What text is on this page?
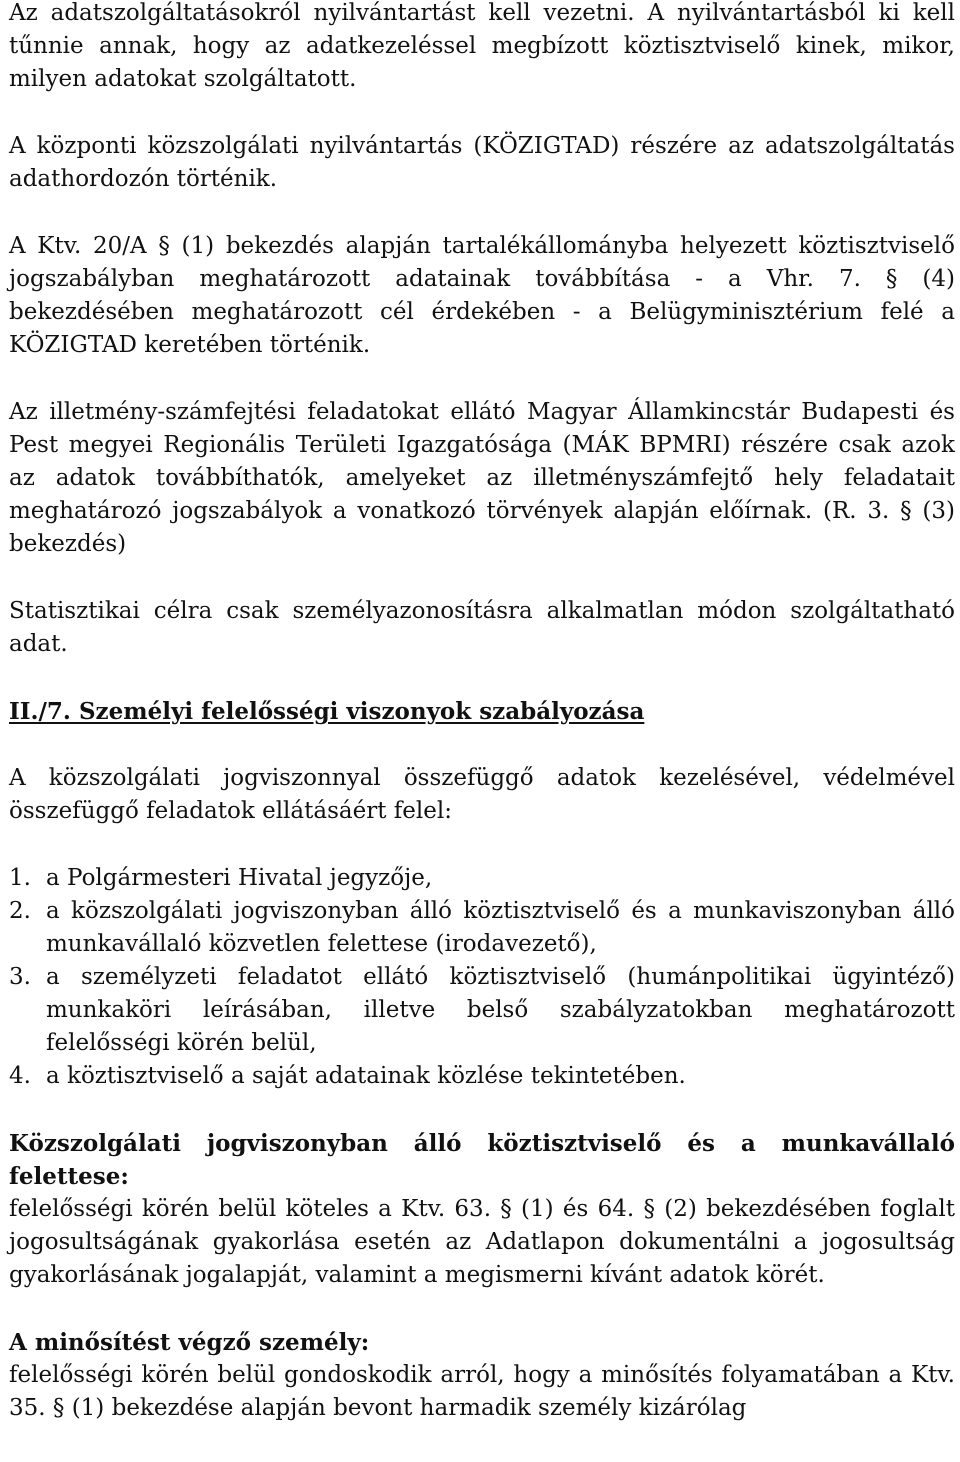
Az adatszolgáltatásokról nyilvántartást kell vezetni. A nyilvántartásból ki kell tűnnie annak, hogy az adatkezeléssel megbízott köztisztviselő kinek, mikor, milyen adatokat szolgáltatott.

A központi közszolgálati nyilvántartás (KÖZIGTAD) részére az adatszolgáltatás adathordozón történik.

A Ktv. 20/A § (1) bekezdés alapján tartalékállományba helyezett köztisztviselő jogszabályban meghatározott adatainak továbbítása - a Vhr. 7. § (4) bekezdésében meghatározott cél érdekében - a Belügyminisztérium felé a KÖZIGTAD keretében történik.

Az illetmény-számfejtési feladatokat ellátó Magyar Államkincstár Budapesti és Pest megyei Regionális Területi Igazgatósága (MÁK BPMRI) részére csak azok az adatok továbbíthatók, amelyeket az illetményszámfejtő hely feladatait meghatározó jogszabályok a vonatkozó törvények alapján előírnak. (R. 3. § (3) bekezdés)

Statisztikai célra csak személyazonosításra alkalmatlan módon szolgáltatható adat.

II./7. Személyi felelősségi viszonyok szabályozása

A közszolgálati jogviszonnyal összefüggő adatok kezelésével, védelmével összefüggő feladatok ellátásáért felel:

1. a Polgármesteri Hivatal jegyzője,
2. a közszolgálati jogviszonyban álló köztisztviselő és a munkaviszonyban álló munkavállaló közvetlen felettese (irodavezető),
3. a személyzeti feladatot ellátó köztisztviselő (humánpolitikai ügyintéző) munkaköri leírásában, illetve belső szabályzatokban meghatározott felelősségi körén belül,
4. a köztisztviselő a saját adatainak közlése tekintetében.

Közszolgálati jogviszonyban álló köztisztviselő és a munkavállaló felettese:

felelősségi körén belül köteles a Ktv. 63. § (1) és 64. § (2) bekezdésében foglalt jogosultságának gyakorlása esetén az Adatlapon dokumentálni a jogosultság gyakorlásának jogalapját, valamint a megismerni kívánt adatok körét.

A minősítést végző személy:

felelősségi körén belül gondoskodik arról, hogy a minősítés folyamatában a Ktv. 35. § (1) bekezdése alapján bevont harmadik személy kizárólag
